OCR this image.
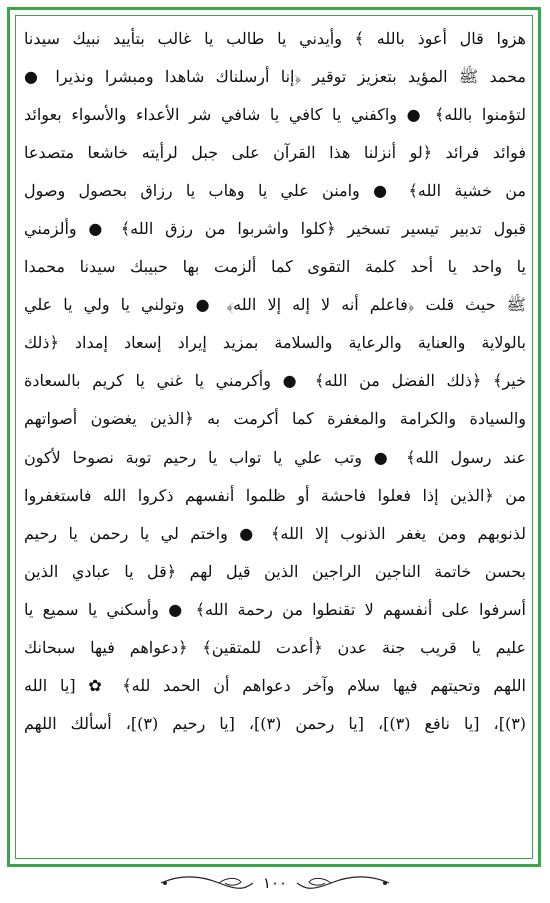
هزوا قال أعوذ بالله ﴾ وأيدني يا طالب يا غالب بتأييد نبيك سيدنا
محمد ﷺ المؤيد بتعزيز توقير ﴿إنا أرسلناك شاهدا ومبشرا ونذيرا ●
لتؤمنوا بالله﴾ ● واكفني يا كافي يا شافي شر الأعداء والأسواء بعوائد
فوائد فرائد ﴿لو أنزلنا هذا القرآن على جبل لرأيته خاشعا متصدعا
من خشية الله﴾ ● وامنن علي يا وهاب يا رزاق بحصول وصول
قبول تدبير تيسير تسخير ﴿كلوا واشربوا من رزق الله﴾ ● وألزمني
يا واحد يا أحد كلمة التقوى كما ألزمت بها حبيبك سيدنا محمدا
ﷺ حيث قلت ﴿فاعلم أنه لا إله إلا الله﴾ ● وتولني يا ولي يا علي
بالولاية والعناية والرعاية والسلامة بمزيد إيراد إسعاد إمداد ﴿ذلك
خير﴾ ﴿ذلك الفضل من الله﴾ ● وأكرمني يا غني يا كريم بالسعادة
والسيادة والكرامة والمغفرة كما أكرمت به ﴿الذين يغضون أصواتهم
عند رسول الله﴾ ● وتب علي يا تواب يا رحيم توبة نصوحا لأكون
من ﴿الذين إذا فعلوا فاحشة أو ظلموا أنفسهم ذكروا الله فاستغفروا
لذنوبهم ومن يغفر الذنوب إلا الله﴾ ● واختم لي يا رحمن يا رحيم
بحسن خاتمة الناجين الراجين الذين قيل لهم ﴿قل يا عبادي الذين
أسرفوا على أنفسهم لا تقنطوا من رحمة الله﴾ ● وأسكني يا سميع يا
عليم يا قريب جنة عدن ﴿أعدت للمتقين﴾ ﴿دعواهم فيها سبحانك
اللهم وتحيتهم فيها سلام وآخر دعواهم أن الحمد لله﴾ ✿ [يا الله
(٣)]، [يا نافع (٣)]، [يا رحمن (٣)]، [يا رحيم (٣)]، أسألك اللهم
١٠٠
